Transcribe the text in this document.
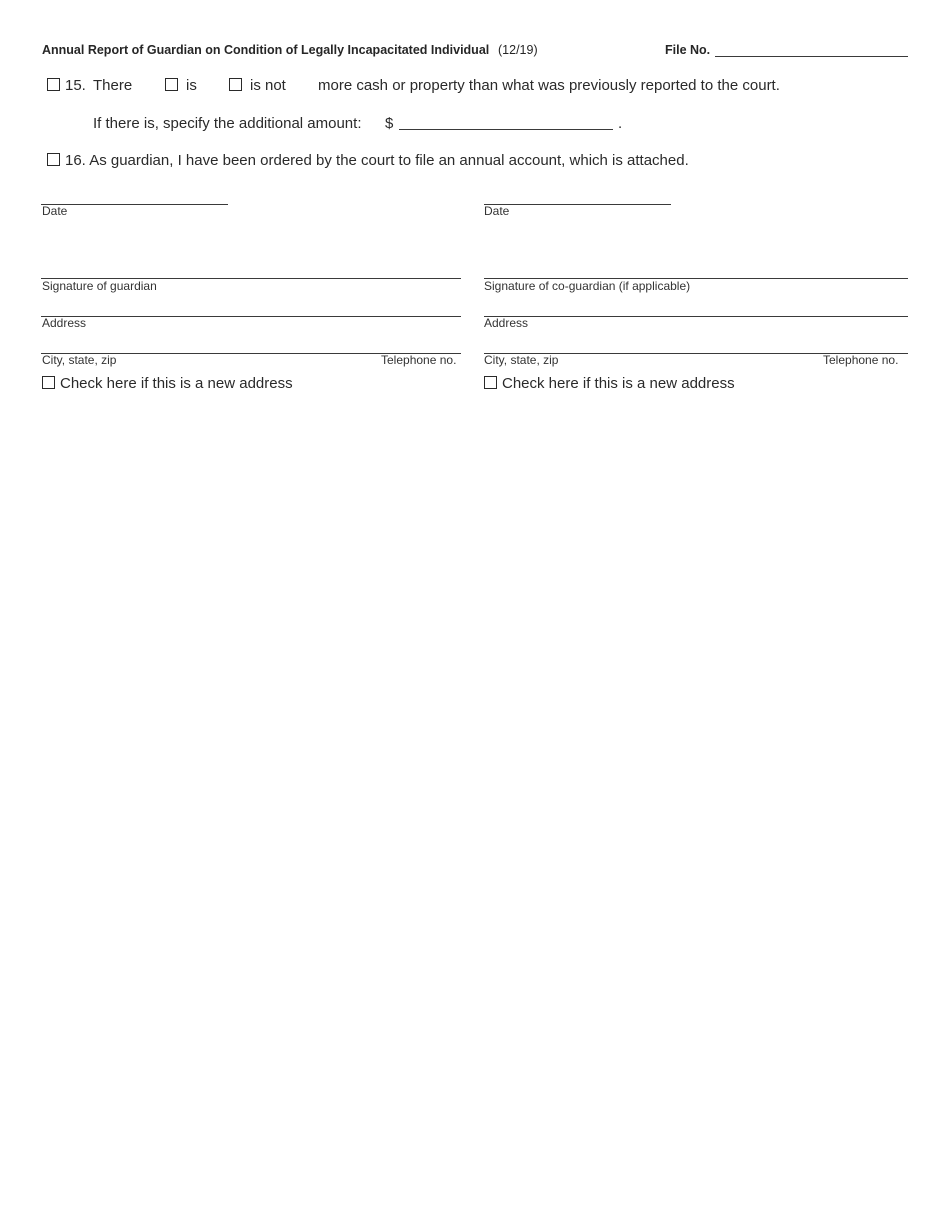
Annual Report of Guardian on Condition of Legally Incapacitated Individual (12/19)	File No.
15. There	is	is not more cash or property than what was previously reported to the court.
If there is, specify the additional amount: $	.
16. As guardian, I have been ordered by the court to file an annual account, which is attached.
Date
Signature of guardian
Address
City, state, zip	Telephone no.
Check here if this is a new address
Date
Signature of co-guardian (if applicable)
Address
City, state, zip	Telephone no.
Check here if this is a new address
